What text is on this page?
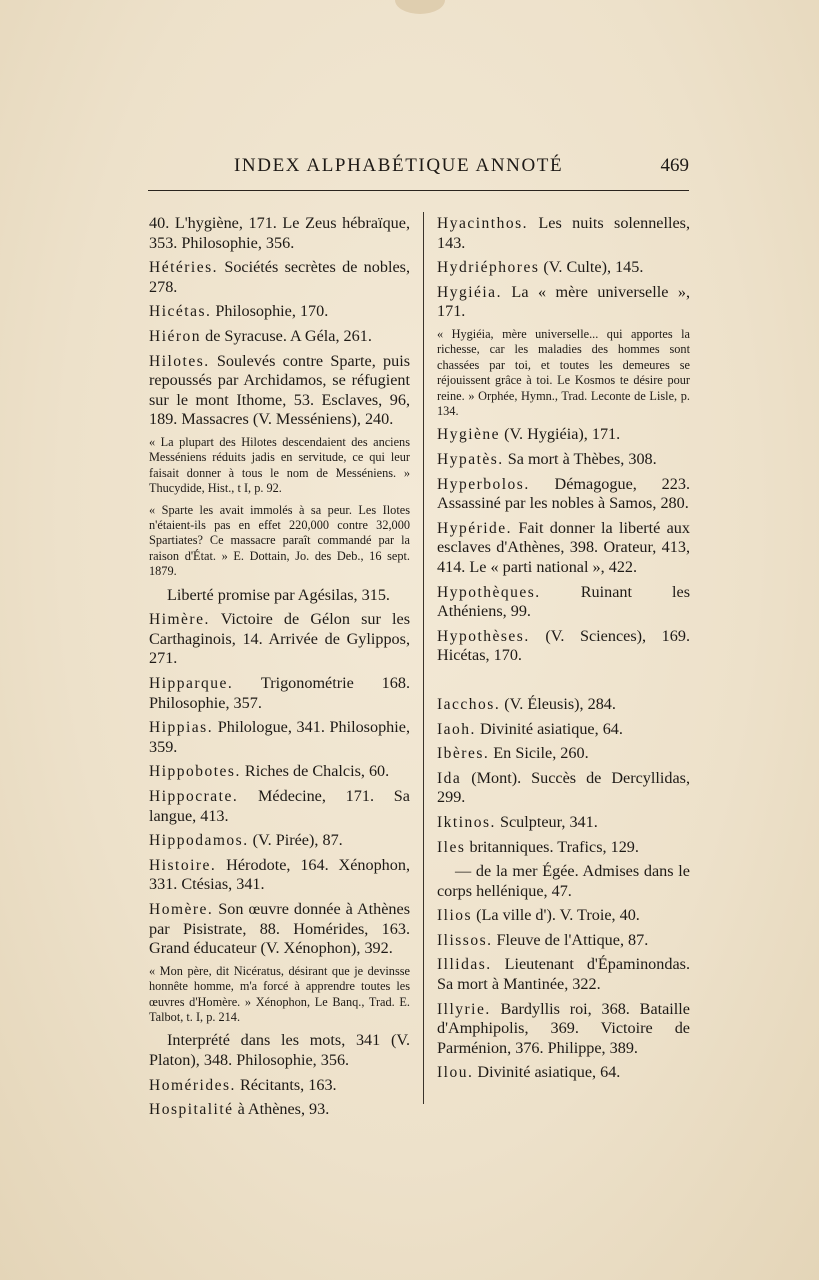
INDEX ALPHABÉTIQUE ANNOTÉ	469

40. L'hygiène, 171. Le Zeus hébraïque, 353. Philosophie, 356.

Hétéries. Sociétés secrètes de nobles, 278.

Hicétas. Philosophie, 170.

Hiéron de Syracuse. A Géla, 261.

Hilotes. Soulevés contre Sparte, puis repoussés par Archidamos, se réfugient sur le mont Ithome, 53. Esclaves, 96, 189. Massacres (V. Messéniens), 240.

« La plupart des Hilotes descendaient des anciens Messéniens réduits jadis en servitude, ce qui leur faisait donner à tous le nom de Messéniens. » Thucydide, Hist., t I, p. 92.

« Sparte les avait immolés à sa peur. Les Ilotes n'étaient-ils pas en effet 220,000 contre 32,000 Spartiates? Ce massacre paraît commandé par la raison d'État. » E. Dottain, Jo. des Deb., 16 sept. 1879.

Liberté promise par Agésilas, 315.

Himère. Victoire de Gélon sur les Carthaginois, 14. Arrivée de Gylippos, 271.

Hipparque. Trigonométrie 168. Philosophie, 357.

Hippias. Philologue, 341. Philosophie, 359.

Hippobotes. Riches de Chalcis, 60.

Hippocrate. Médecine, 171. Sa langue, 413.

Hippodamos. (V. Pirée), 87.

Histoire. Hérodote, 164. Xénophon, 331. Ctésias, 341.

Homère. Son œuvre donnée à Athènes par Pisistrate, 88. Homérides, 163. Grand éducateur (V. Xénophon), 392.

« Mon père, dit Nicératus, désirant que je devinsse honnête homme, m'a forcé à apprendre toutes les œuvres d'Homère. » Xénophon, Le Banq., Trad. E. Talbot, t. I, p. 214.

Interprété dans les mots, 341 (V. Platon), 348. Philosophie, 356.

Homérides. Récitants, 163.

Hospitalité à Athènes, 93.

Hyacinthos. Les nuits solennelles, 143.

Hydriéphores (V. Culte), 145.

Hygiéia. La « mère universelle », 171.

« Hygiéia, mère universelle... qui apportes la richesse, car les maladies des hommes sont chassées par toi, et toutes les demeures se réjouissent grâce à toi. Le Kosmos te désire pour reine. » Orphée, Hymn., Trad. Leconte de Lisle, p. 134.

Hygiène (V. Hygiéia), 171.

Hypatès. Sa mort à Thèbes, 308.

Hyperbolos. Démagogue, 223. Assassiné par les nobles à Samos, 280.

Hypéride. Fait donner la liberté aux esclaves d'Athènes, 398. Orateur, 413, 414. Le « parti national », 422.

Hypothèques. Ruinant les Athéniens, 99.

Hypothèses. (V. Sciences), 169. Hicétas, 170.

Iacchos. (V. Éleusis), 284.

Iaoh. Divinité asiatique, 64.

Ibères. En Sicile, 260.

Ida (Mont). Succès de Dercyllidas, 299.

Iktinos. Sculpteur, 341.

Iles britanniques. Trafics, 129.

— de la mer Égée. Admises dans le corps hellénique, 47.

Ilios (La ville d'). V. Troie, 40.

Ilissos. Fleuve de l'Attique, 87.

Illidas. Lieutenant d'Épaminondas. Sa mort à Mantinée, 322.

Illyrie. Bardyllis roi, 368. Bataille d'Amphipolis, 369. Victoire de Parménion, 376. Philippe, 389.

Ilou. Divinité asiatique, 64.
